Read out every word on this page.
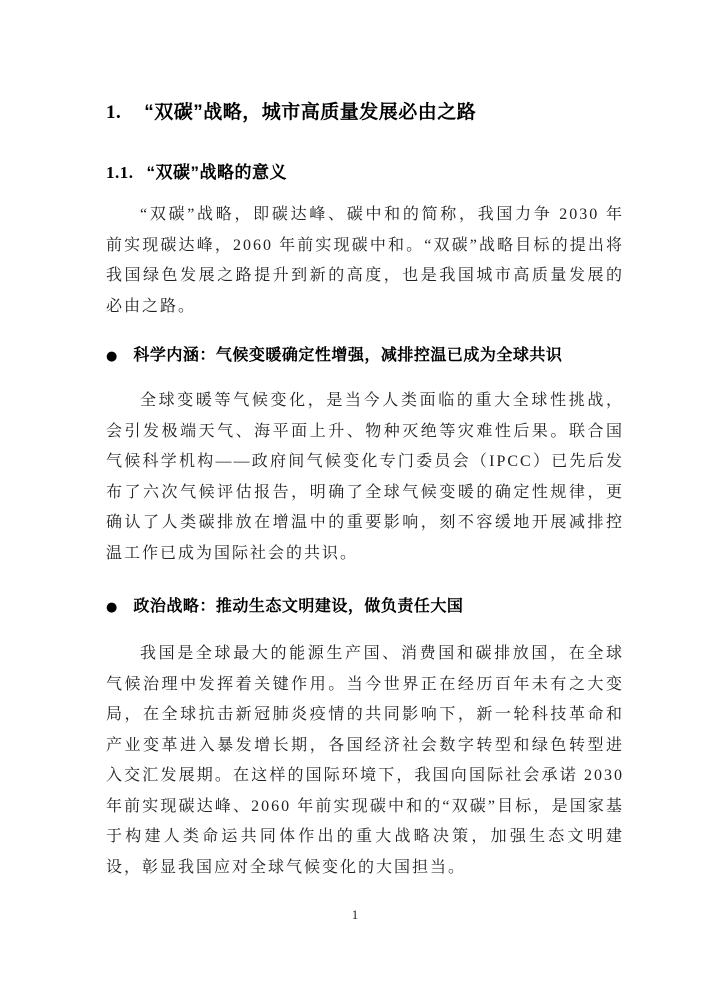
1. “双碳”战略，城市高质量发展必由之路
1.1. “双碳”战略的意义

“双碳”战略，即碳达峰、碳中和的简称，我国力争 2030 年前实现碳达峰，2060 年前实现碳中和。“双碳”战略目标的提出将我国绿色发展之路提升到新的高度，也是我国城市高质量发展的必由之路。

● 科学内涵：气候变暖确定性增强，减排控温已成为全球共识

全球变暖等气候变化，是当今人类面临的重大全球性挑战，会引发极端天气、海平面上升、物种灭绝等灾难性后果。联合国气候科学机构——政府间气候变化专门委员会（IPCC）已先后发布了六次气候评估报告，明确了全球气候变暖的确定性规律，更确认了人类碳排放在增温中的重要影响，刻不容缓地开展减排控温工作已成为国际社会的共识。

● 政治战略：推动生态文明建设，做负责任大国

我国是全球最大的能源生产国、消费国和碳排放国，在全球气候治理中发挥着关键作用。当今世界正在经历百年未有之大变局，在全球抗击新冠肺炎疫情的共同影响下，新一轮科技革命和产业变革进入暴发增长期，各国经济社会数字转型和绿色转型进入交汇发展期。在这样的国际环境下，我国向国际社会承诺 2030 年前实现碳达峰、2060 年前实现碳中和的“双碳”目标，是国家基于构建人类命运共同体作出的重大战略决策，加强生态文明建设，彰显我国应对全球气候变化的大国担当。

1
